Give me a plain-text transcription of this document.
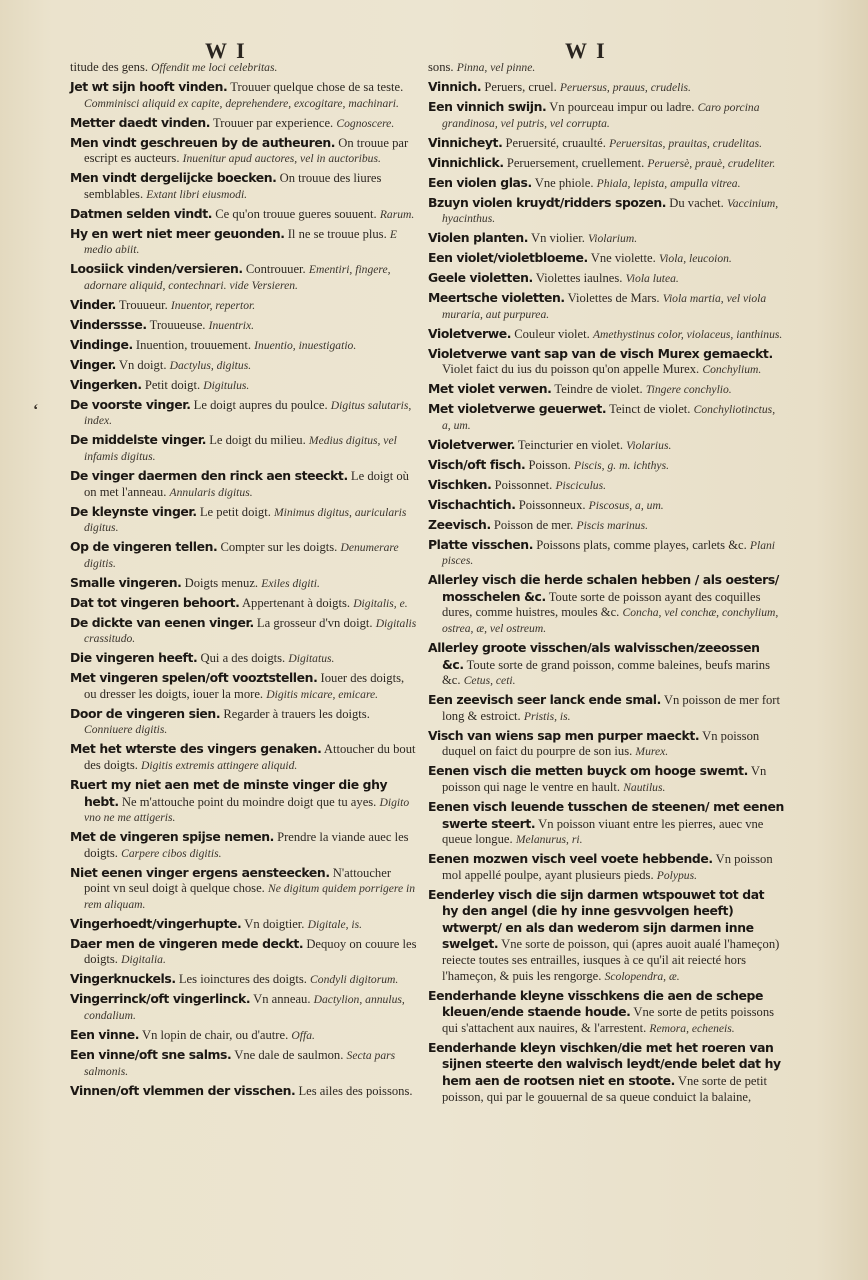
W I	W I
ʻ

titude des gens. Offendit me loci celebritas.

Jet wt sijn hooft vinden. Trouuer quelque chose de sa teste. Comminisci aliquid ex capite, deprehendere, excogitare, machinari.

Metter daedt vinden. Trouuer par experience. Cognoscere.

Men vindt geschreuen by de autheuren. On trouue par escript es aucteurs. Inuenitur apud auctores, vel in auctoribus.

Men vindt dergelijcke boecken. On trouue des liures semblables. Extant libri eiusmodi.

Datmen selden vindt. Ce qu'on trouue gueres souuent. Rarum.

Hy en wert niet meer geuonden. Il ne se trouue plus. E medio abiit.

Loosiick vinden/versieren. Controuuer. Ementiri, fingere, adornare aliquid, contechnari. vide Versieren.

Vinder. Trouueur. Inuentor, repertor.

Vinderssse. Trouueuse. Inuentrix.

Vindinge. Inuention, trouuement. Inuentio, inuestigatio.

Vinger. Vn doigt. Dactylus, digitus.

Vingerken. Petit doigt. Digitulus.

De voorste vinger. Le doigt aupres du poulce. Digitus salutaris, index.

De middelste vinger. Le doigt du milieu. Medius digitus, vel infamis digitus.

De vinger daermen den rinck aen steeckt. Le doigt où on met l'anneau. Annularis digitus.

De kleynste vinger. Le petit doigt. Minimus digitus, auricularis digitus.

Op de vingeren tellen. Compter sur les doigts. Denumerare digitis.

Smalle vingeren. Doigts menuz. Exiles digiti.

Dat tot vingeren behoort. Appertenant à doigts. Digitalis, e.

De dickte van eenen vinger. La grosseur d'vn doigt. Digitalis crassitudo.

Die vingeren heeft. Qui a des doigts. Digitatus.

Met vingeren spelen/oft vooztstellen. Iouer des doigts, ou dresser les doigts, iouer la more. Digitis micare, emicare.

Door de vingeren sien. Regarder à trauers les doigts. Conniuere digitis.

Met het wterste des vingers genaken. Attoucher du bout des doigts. Digitis extremis attingere aliquid.

Ruert my niet aen met de minste vinger die ghy hebt. Ne m'attouche point du moindre doigt que tu ayes. Digito vno ne me attigeris.

Met de vingeren spijse nemen. Prendre la viande auec les doigts. Carpere cibos digitis.

Niet eenen vinger ergens aensteecken. N'attoucher point vn seul doigt à quelque chose. Ne digitum quidem porrigere in rem aliquam.

Vingerhoedt/vingerhupte. Vn doigtier. Digitale, is.

Daer men de vingeren mede deckt. Dequoy on couure les doigts. Digitalia.

Vingerknuckels. Les ioinctures des doigts. Condyli digitorum.

Vingerrinck/oft vingerlinck. Vn anneau. Dactylion, annulus, condalium.

Een vinne. Vn lopin de chair, ou d'autre. Offa.

Een vinne/oft sne salms. Vne dale de saulmon. Secta pars salmonis.

Vinnen/oft vlemmen der visschen. Les ailes des poissons.

sons. Pinna, vel pinne.

Vinnich. Peruers, cruel. Peruersus, prauus, crudelis.

Een vinnich swijn. Vn pourceau impur ou ladre. Caro porcina grandinosa, vel putris, vel corrupta.

Vinnicheyt. Peruersité, cruaulté. Peruersitas, prauitas, crudelitas.

Vinnichlick. Peruersement, cruellement. Peruersè, prauè, crudeliter.

Een violen glas. Vne phiole. Phiala, lepista, ampulla vitrea.

Bzuyn violen kruydt/ridders spozen. Du vachet. Vaccinium, hyacinthus.

Violen planten. Vn violier. Violarium.

Een violet/violetbloeme. Vne violette. Viola, leucoion.

Geele violetten. Violettes iaulnes. Viola lutea.

Meertsche violetten. Violettes de Mars. Viola martia, vel viola muraria, aut purpurea.

Violetverwe. Couleur violet. Amethystinus color, violaceus, ianthinus.

Violetverwe vant sap van de visch Murex gemaeckt. Violet faict du ius du poisson qu'on appelle Murex. Conchylium.

Met violet verwen. Teindre de violet. Tingere conchylio.

Met violetverwe geuerwet. Teinct de violet. Conchyliotinctus, a, um.

Violetverwer. Teincturier en violet. Violarius.

Visch/oft fisch. Poisson. Piscis, g. m. ichthys.

Vischken. Poissonnet. Pisciculus.

Vischachtich. Poissonneux. Piscosus, a, um.

Zeevisch. Poisson de mer. Piscis marinus.

Platte visschen. Poissons plats, comme playes, carlets &c. Plani pisces.

Allerley visch die herde schalen hebben / als oesters/ mosschelen &c. Toute sorte de poisson ayant des coquilles dures, comme huistres, moules &c. Concha, vel conchæ, conchylium, ostrea, æ, vel ostreum.

Allerley groote visschen/als walvisschen/zeeossen &c. Toute sorte de grand poisson, comme baleines, beufs marins &c. Cetus, ceti.

Een zeevisch seer lanck ende smal. Vn poisson de mer fort long & estroict. Pristis, is.

Visch van wiens sap men purper maeckt. Vn poisson duquel on faict du pourpre de son ius. Murex.

Eenen visch die metten buyck om hooge swemt. Vn poisson qui nage le ventre en hault. Nautilus.

Eenen visch leuende tusschen de steenen/ met eenen swerte steert. Vn poisson viuant entre les pierres, auec vne queue longue. Melanurus, ri.

Eenen mozwen visch veel voete hebbende. Vn poisson mol appellé poulpe, ayant plusieurs pieds. Polypus.

Eenderley visch die sijn darmen wtspouwet tot dat hy den angel (die hy inne gesvvolgen heeft) wtwerpt/ en als dan wederom sijn darmen inne swelget. Vne sorte de poisson, qui (apres auoit aualé l'hameçon) reiecte toutes ses entrailles, iusques à ce qu'il ait reiecté hors l'hameçon, & puis les rengorge. Scolopendra, æ.

Eenderhande kleyne visschkens die aen de schepe kleuen/ende staende houde. Vne sorte de petits poissons qui s'attachent aux nauires, & l'arrestent. Remora, echeneis.

Eenderhande kleyn vischken/die met het roeren van sijnen steerte den walvisch leydt/ende belet dat hy hem aen de rootsen niet en stoote. Vne sorte de petit poisson, qui par le gouuernal de sa queue conduict la balaine,
